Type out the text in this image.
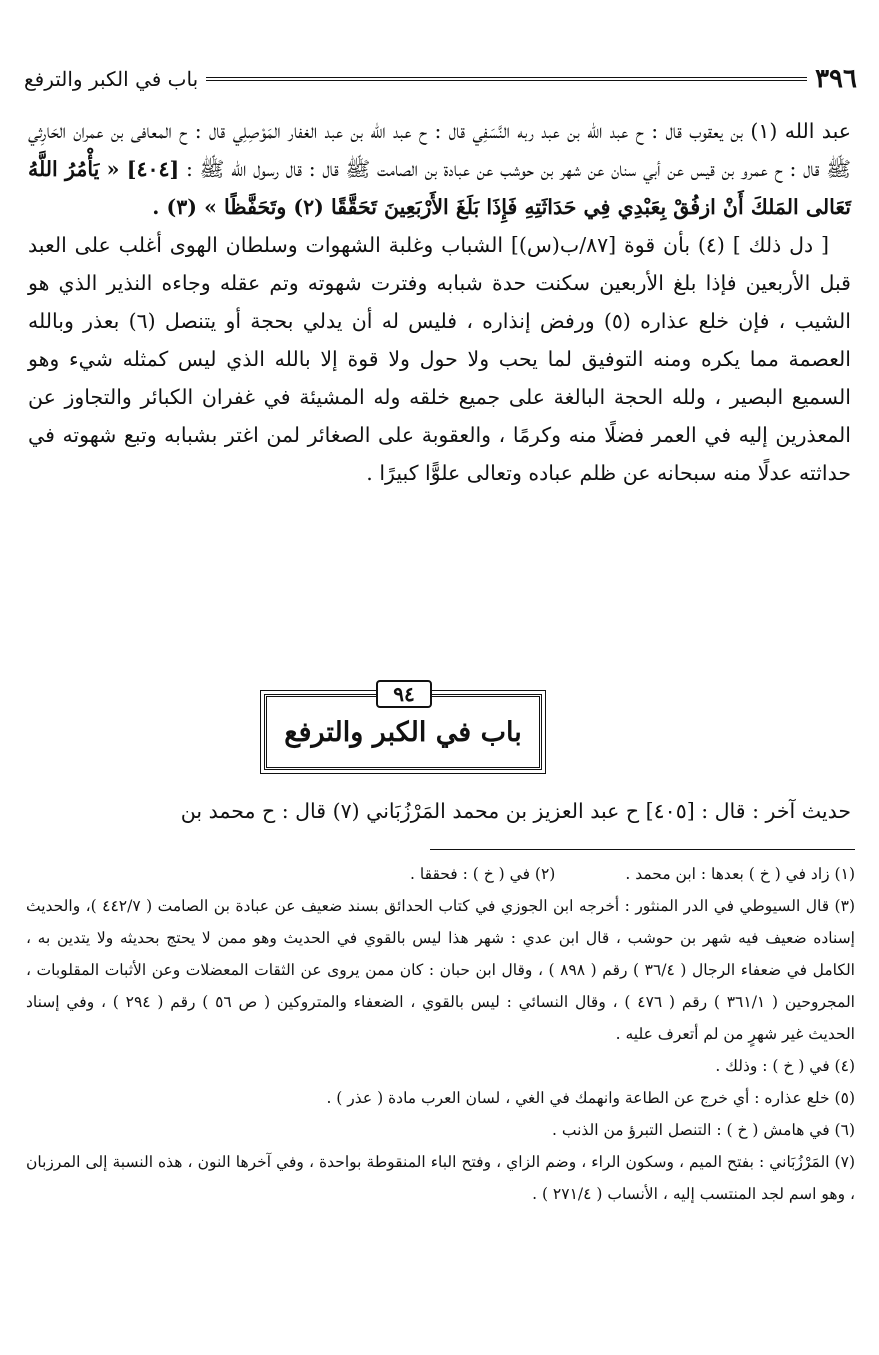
٣٩٦
باب في الكبر والترفع

عبد الله (١) بن يعقوب قال : ح عبد الله بن عبد ربه النَّسَفِي قال : ح عبد الله بن عبد الغفار المَوْصِلِي قال : ح المعافى بن عمران الحَارِثي ﷺ قال : ح عمرو بن قيس عن أبي سنان عن شهر بن حوشب عن عبادة بن الصامت ﷺ قال : قال رسول الله ﷺ : [٤٠٤] « يَأْمُرُ اللَّهُ تَعَالى المَلكَ أَنْ ازفُقْ بِعَبْدِي فِي حَدَاثَتِهِ فَإِذَا بَلَغَ الأَرْبَعِينَ تَحَقَّقًا (٢) وتَحَفَّظًا » (٣) .

[ دل ذلك ] (٤) بأن قوة [٨٧/ب(س)] الشباب وغلبة الشهوات وسلطان الهوى أغلب على العبد قبل الأربعين فإذا بلغ الأربعين سكنت حدة شبابه وفترت شهوته وتم عقله وجاءه النذير الذي هو الشيب ، فإن خلع عذاره (٥) ورفض إنذاره ، فليس له أن يدلي بحجة أو يتنصل (٦) بعذر وبالله العصمة مما يكره ومنه التوفيق لما يحب ولا حول ولا قوة إلا بالله الذي ليس كمثله شيء وهو السميع البصير ، ولله الحجة البالغة على جميع خلقه وله المشيئة في غفران الكبائر والتجاوز عن المعذرين إليه في العمر فضلًا منه وكرمًا ، والعقوبة على الصغائر لمن اغتر بشبابه وتبع شهوته في حداثته عدلًا منه سبحانه عن ظلم عباده وتعالى علوًّا كبيرًا .

٩٤
باب في الكبر والترفع
حديث آخر : قال : [٤٠٥] ح عبد العزيز بن محمد المَرْزُبَاني (٧) قال : ح محمد بن
(١) زاد في ( خ ) بعدها : ابن محمد .
(٢) في ( خ ) : فحققا .

(٣) قال السيوطي في الدر المنثور : أخرجه ابن الجوزي في كتاب الحدائق بسند ضعيف عن عبادة بن الصامت ( ٤٤٢/٧ )، والحديث إسناده ضعيف فيه شهر بن حوشب ، قال ابن عدي : شهر هذا ليس بالقوي في الحديث وهو ممن لا يحتج بحديثه ولا يتدين به ، الكامل في ضعفاء الرجال ( ٣٦/٤ ) رقم ( ٨٩٨ ) ، وقال ابن حبان : كان ممن يروى عن الثقات المعضلات وعن الأثبات المقلوبات ، المجروحين ( ٣٦١/١ ) رقم ( ٤٧٦ ) ، وقال النسائي : ليس بالقوي ، الضعفاء والمتروكين ( ص ٥٦ ) رقم ( ٢٩٤ ) ، وفي إسناد الحديث غير شهرٍ من لم أتعرف عليه .

(٤) في ( خ ) : وذلك .

(٥) خلع عذاره : أي خرج عن الطاعة وانهمك في الغي ، لسان العرب مادة ( عذر ) .

(٦) في هامش ( خ ) : التنصل التبرؤ من الذنب .

(٧) المَرْزُبَاني : بفتح الميم ، وسكون الراء ، وضم الزاي ، وفتح الباء المنقوطة بواحدة ، وفي آخرها النون ، هذه النسبة إلى المرزبان ، وهو اسم لجد المنتسب إليه ، الأنساب ( ٢٧١/٤ ) .
